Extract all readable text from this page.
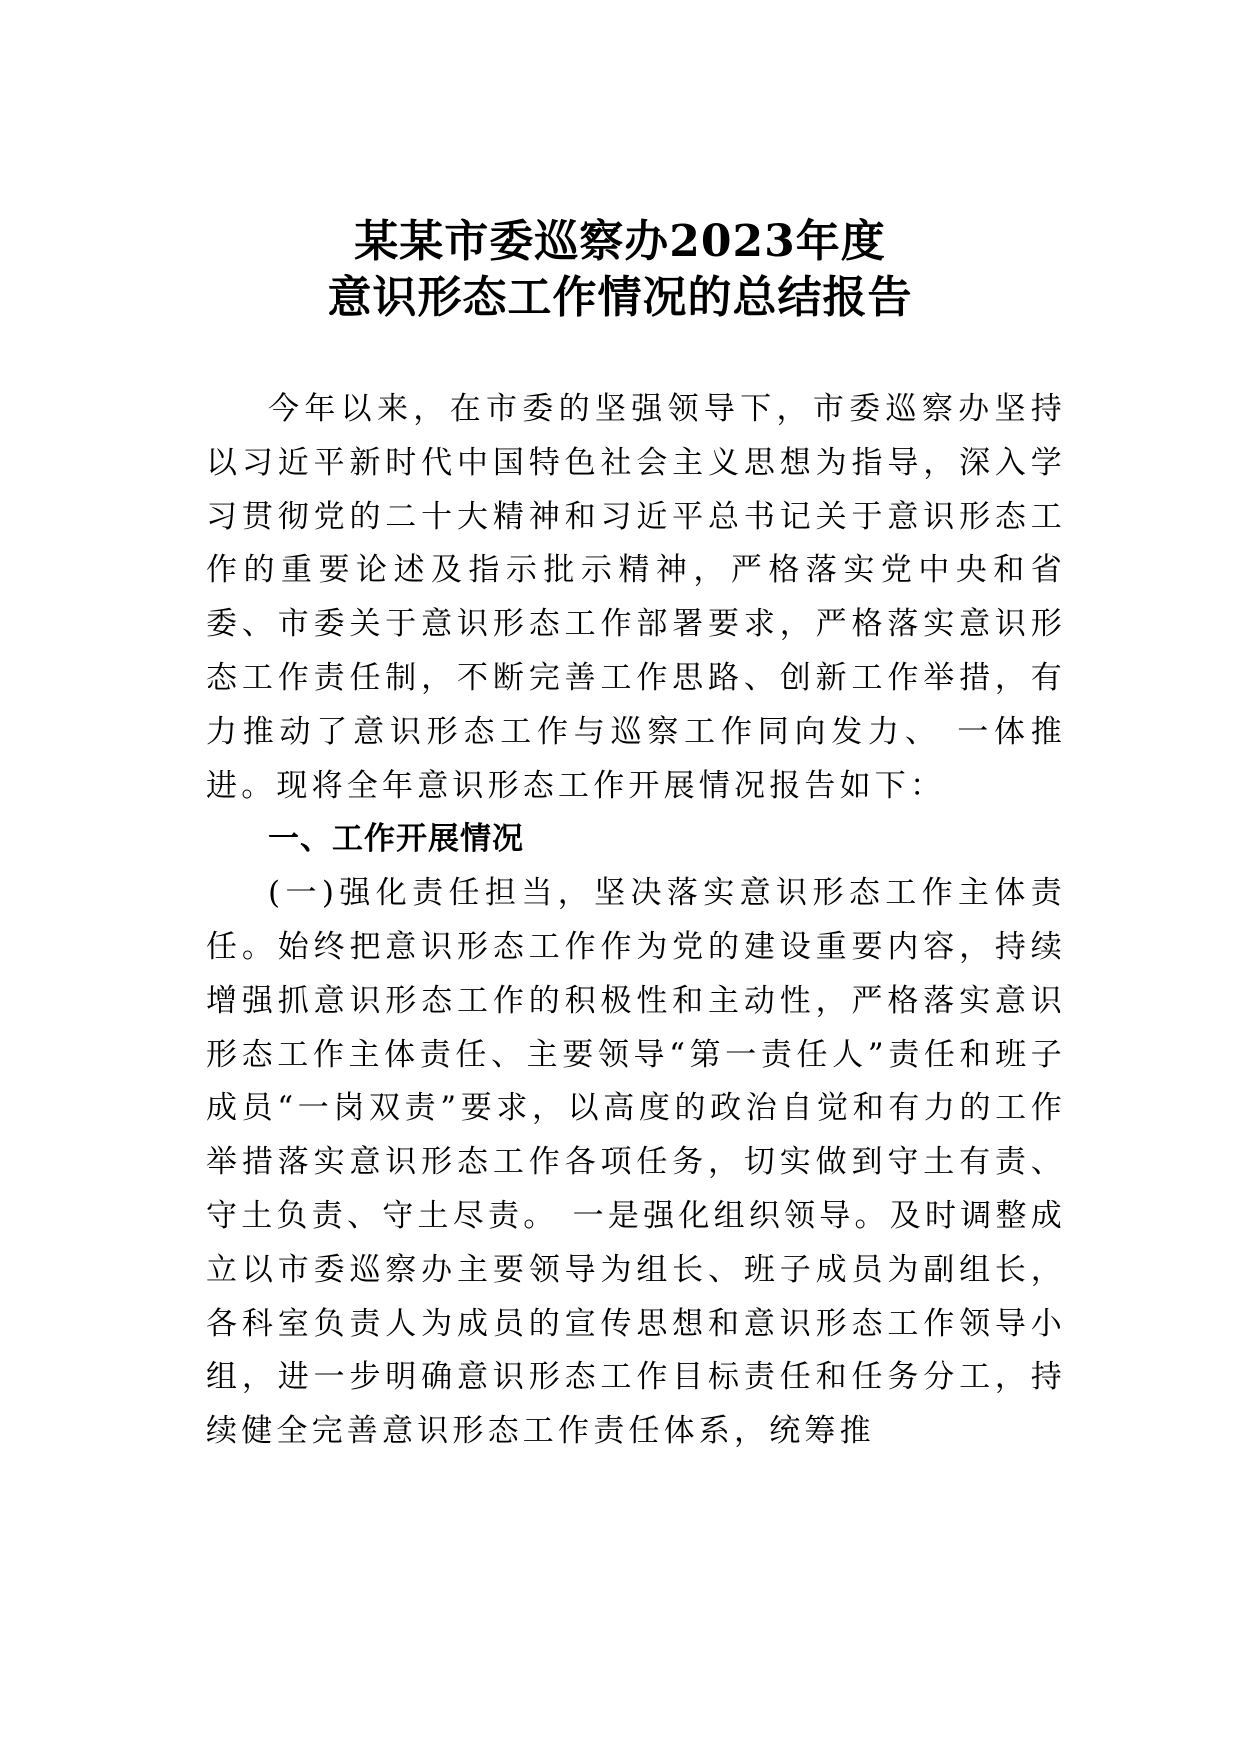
某某市委巡察办2023年度
意识形态工作情况的总结报告

今年以来，在市委的坚强领导下，市委巡察办坚持以习近平新时代中国特色社会主义思想为指导，深入学习贯彻党的二十大精神和习近平总书记关于意识形态工作的重要论述及指示批示精神，严格落实党中央和省委、市委关于意识形态工作部署要求，严格落实意识形态工作责任制，不断完善工作思路、创新工作举措，有力推动了意识形态工作与巡察工作同向发力、 一体推进。现将全年意识形态工作开展情况报告如下：

一、工作开展情况

(一)强化责任担当，坚决落实意识形态工作主体责任。始终把意识形态工作作为党的建设重要内容，持续增强抓意识形态工作的积极性和主动性，严格落实意识形态工作主体责任、主要领导“第一责任人”责任和班子成员“一岗双责”要求，以高度的政治自觉和有力的工作举措落实意识形态工作各项任务，切实做到守土有责、守土负责、守土尽责。 一是强化组织领导。及时调整成立以市委巡察办主要领导为组长、班子成员为副组长，各科室负责人为成员的宣传思想和意识形态工作领导小组，进一步明确意识形态工作目标责任和任务分工，持续健全完善意识形态工作责任体系，统筹推
